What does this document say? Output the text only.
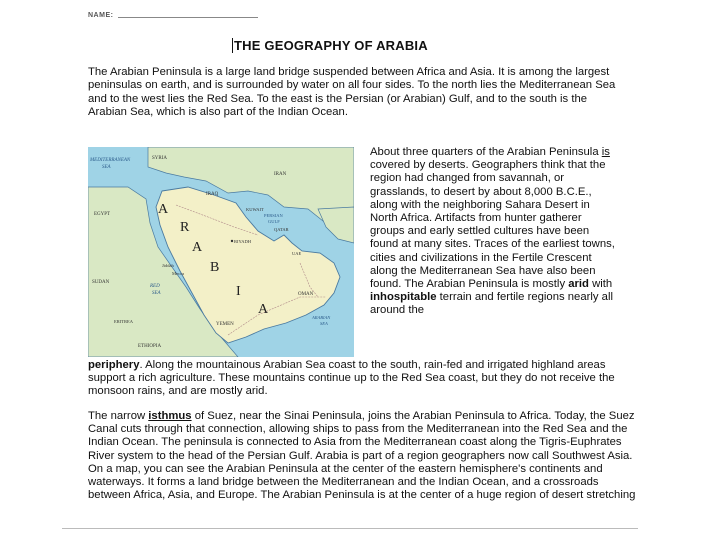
NAME:
THE GEOGRAPHY OF ARABIA

The Arabian Peninsula is a large land bridge suspended between Africa and Asia. It is among the largest peninsulas on earth, and is surrounded by water on all four sides. To the north lies the Mediterranean Sea and to the west lies the Red Sea. To the east is the Persian (or Arabian) Gulf, and to the south is the Arabian Sea, which is also part of the Indian Ocean.

A
R
A
B
I
A
MEDITERRANEAN
SEA
SYRIA
IRAQ
IRAN
EGYPT
KUWAIT
PERSIAN
GULF
QATAR
RIYADH
UAE
SUDAN
RED
SEA
Jiddah
Mecca
OMAN
YEMEN
ARABIAN
SEA
ERITREA
ETHIOPIA

About three quarters of the Arabian Peninsula is covered by deserts. Geographers think that the region had changed from savannah, or grasslands, to desert by about 8,000 B.C.E., along with the neighboring Sahara Desert in North Africa. Artifacts from hunter gatherer groups and early settled cultures have been found at many sites. Traces of the earliest towns, cities and civilizations in the Fertile Crescent along the Mediterranean Sea have also been found. The Arabian Peninsula is mostly arid with inhospitable terrain and fertile regions nearly all around the

periphery. Along the mountainous Arabian Sea coast to the south, rain-fed and irrigated highland areas support a rich agriculture. These mountains continue up to the Red Sea coast, but they do not receive the monsoon rains, and are mostly arid.

The narrow isthmus of Suez, near the Sinai Peninsula, joins the Arabian Peninsula to Africa. Today, the Suez Canal cuts through that connection, allowing ships to pass from the Mediterranean into the Red Sea and the Indian Ocean. The peninsula is connected to Asia from the Mediterranean coast along the Tigris-Euphrates River system to the head of the Persian Gulf. Arabia is part of a region geographers now call Southwest Asia. On a map, you can see the Arabian Peninsula at the center of the eastern hemisphere's continents and waterways. It forms a land bridge between the Mediterranean and the Indian Ocean, and a crossroads between Africa, Asia, and Europe. The Arabian Peninsula is at the center of a huge region of desert stretching
